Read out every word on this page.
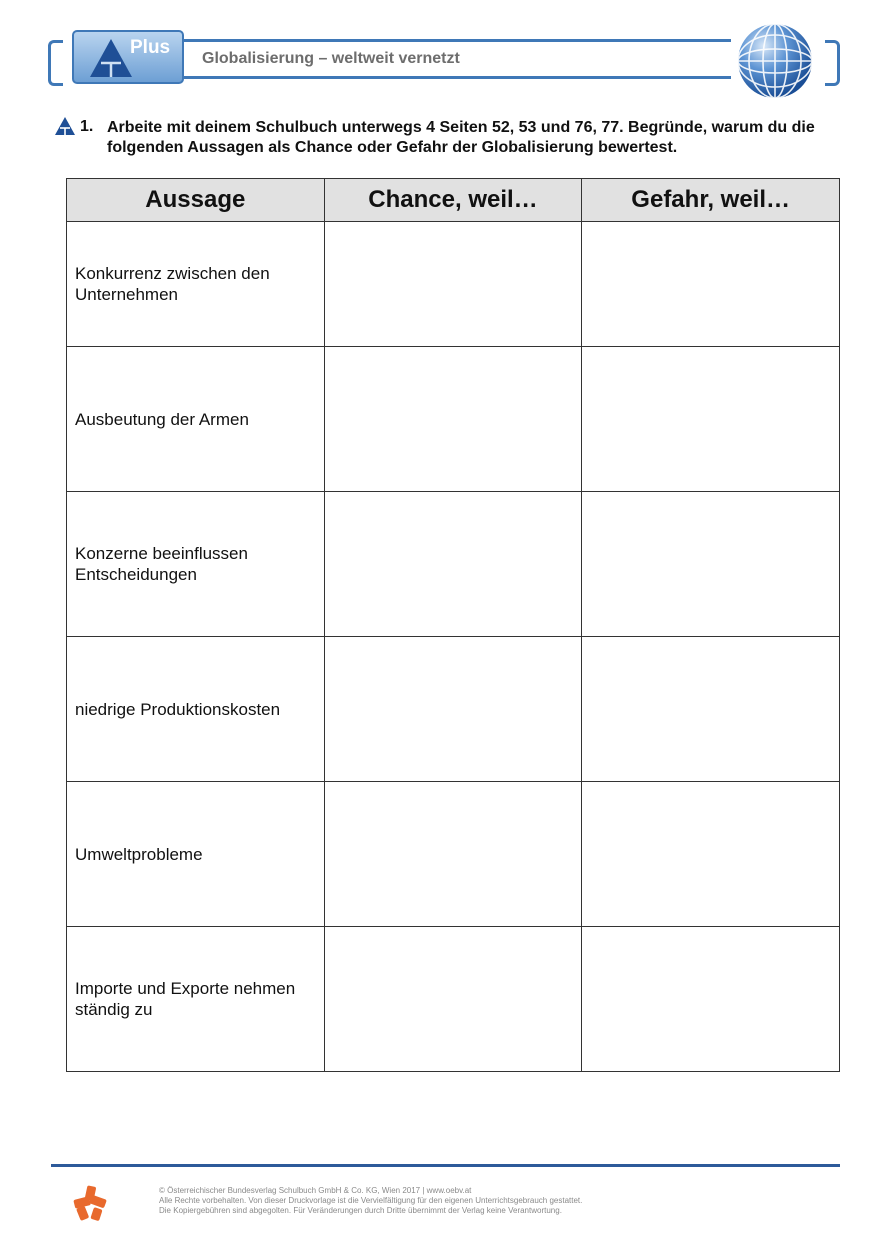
Globalisierung – weltweit vernetzt
Plus
1. Arbeite mit deinem Schulbuch unterwegs 4 Seiten 52, 53 und 76, 77. Begründe, warum du die folgenden Aussagen als Chance oder Gefahr der Globalisierung bewertest.
Aussage	Chance, weil…	Gefahr, weil…
Konkurrenz zwischen den Unternehmen		
Ausbeutung der Armen		
Konzerne beeinflussen Entscheidungen		
niedrige Produktionskosten		
Umweltprobleme		
Importe und Exporte nehmen ständig zu		
© Österreichischer Bundesverlag Schulbuch GmbH & Co. KG, Wien 2017 | www.oebv.at
Alle Rechte vorbehalten. Von dieser Druckvorlage ist die Vervielfältigung für den eigenen Unterrichtsgebrauch gestattet.
Die Kopiergebühren sind abgegolten. Für Veränderungen durch Dritte übernimmt der Verlag keine Verantwortung.
